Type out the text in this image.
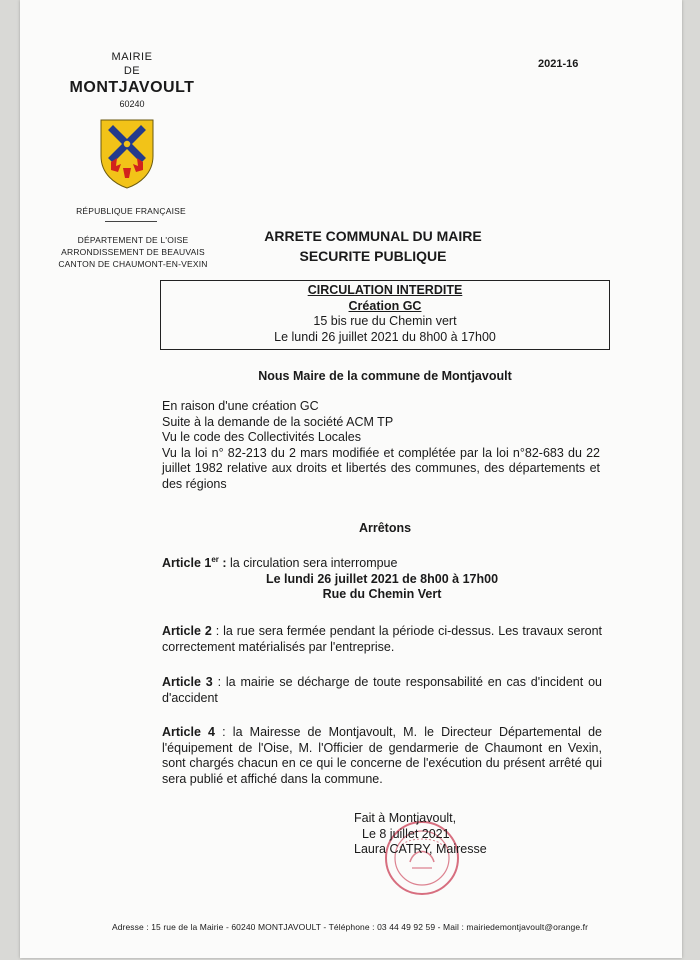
MAIRIE
DE
MONTJAVOULT
60240
RÉPUBLIQUE FRANÇAISE
DÉPARTEMENT DE L'OISE
ARRONDISSEMENT DE BEAUVAIS
CANTON DE CHAUMONT-EN-VEXIN
2021-16
ARRETE COMMUNAL DU MAIRE
SECURITE PUBLIQUE
CIRCULATION INTERDITE
Création GC
15 bis rue du Chemin vert
Le lundi 26 juillet 2021 du 8h00 à 17h00
Nous Maire de la commune de Montjavoult

En raison d'une création GC

Suite à la demande de la société ACM TP

Vu le code des Collectivités Locales

Vu la loi n° 82-213 du 2 mars modifiée et complétée par la loi n°82-683 du 22 juillet 1982 relative aux droits et libertés des communes, des départements et des régions

Arrêtons
Article 1er : la circulation sera interrompue
Le lundi 26 juillet 2021 de 8h00 à 17h00
Rue du Chemin Vert
Article 2 : la rue sera fermée pendant la période ci-dessus. Les travaux seront correctement matérialisés par l'entreprise.
Article 3 : la mairie se décharge de toute responsabilité en cas d'incident ou d'accident
Article 4 : la Mairesse de Montjavoult, M. le Directeur Départemental de l'équipement de l'Oise, M. l'Officier de gendarmerie de Chaumont en Vexin, sont chargés chacun en ce qui le concerne de l'exécution du présent arrêté qui sera publié et affiché dans la commune.
Fait à Montjavoult,
Le 8 juillet 2021
Laura CATRY, Mairesse
Adresse : 15 rue de la Mairie - 60240 MONTJAVOULT - Téléphone : 03 44 49 92 59 - Mail : mairiedemontjavoult@orange.fr
